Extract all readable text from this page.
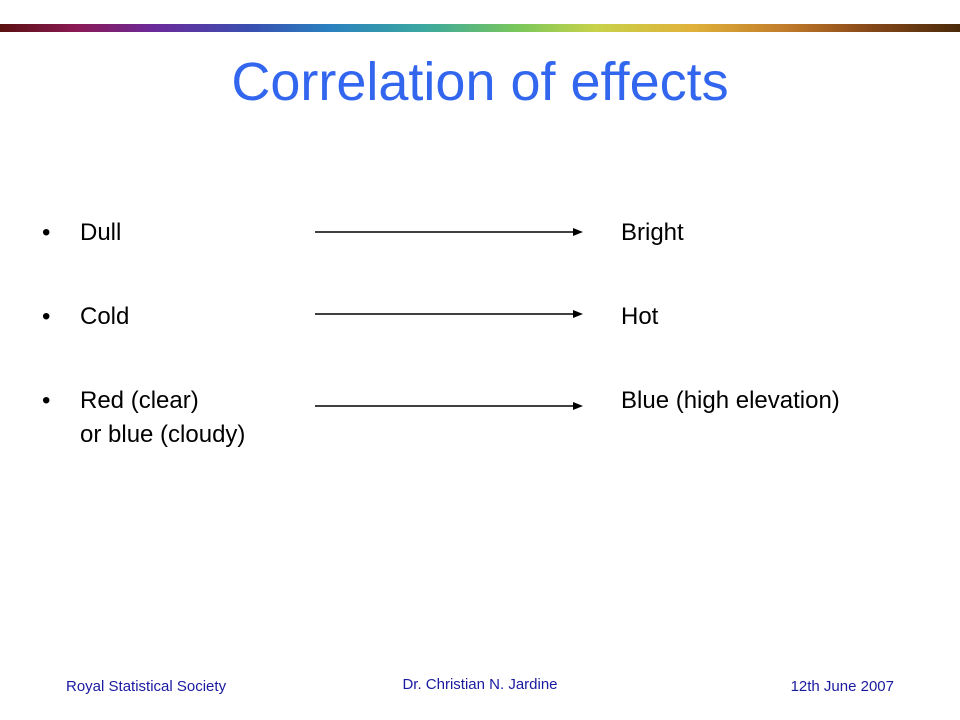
Correlation of effects
• Dull	Bright
• Cold	Hot
• Red (clear)
or blue (cloudy)
Blue (high elevation)
Royal Statistical Society	Dr. Christian N. Jardine	12th June 2007
